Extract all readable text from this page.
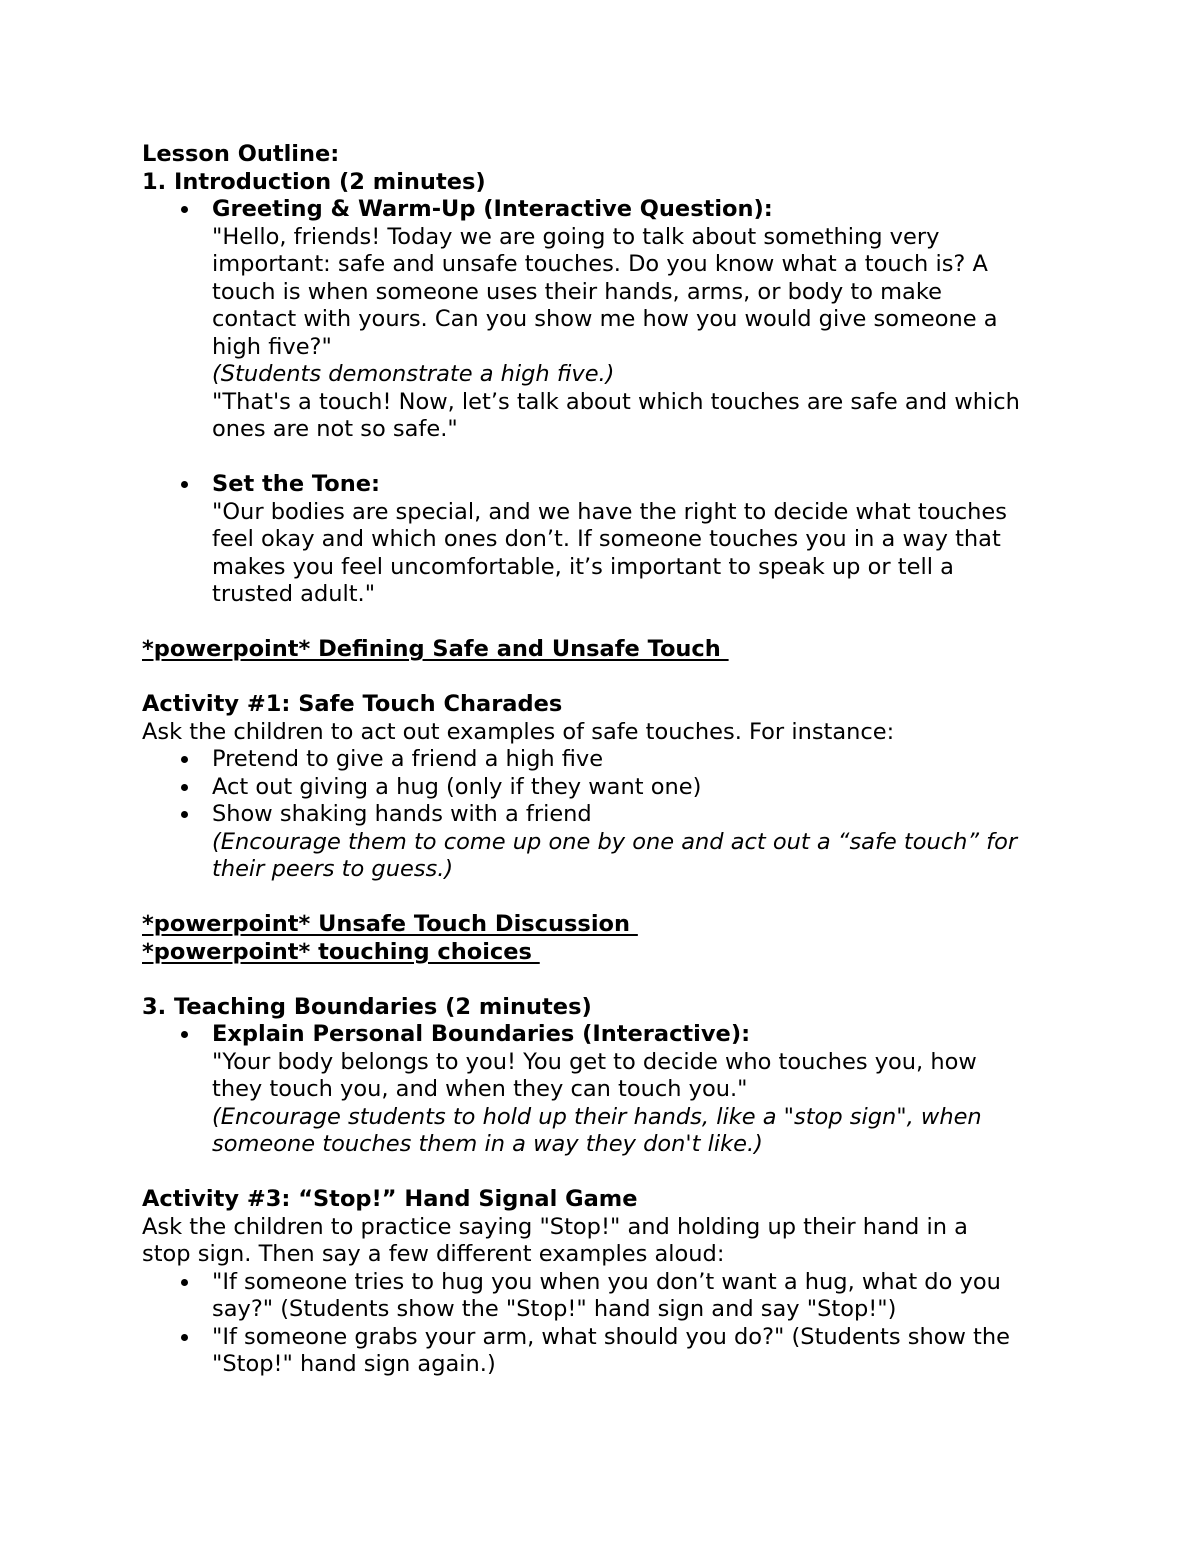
Lesson Outline:
1. Introduction (2 minutes)
Greeting & Warm-Up (Interactive Question):
"Hello, friends! Today we are going to talk about something very
important: safe and unsafe touches. Do you know what a touch is? A
touch is when someone uses their hands, arms, or body to make
contact with yours. Can you show me how you would give someone a
high five?"
(Students demonstrate a high five.)
"That's a touch! Now, let’s talk about which touches are safe and which
ones are not so safe."
Set the Tone:
"Our bodies are special, and we have the right to decide what touches
feel okay and which ones don’t. If someone touches you in a way that
makes you feel uncomfortable, it’s important to speak up or tell a
trusted adult."
*powerpoint* Defining Safe and Unsafe Touch
Activity #1: Safe Touch Charades
Ask the children to act out examples of safe touches. For instance:
Pretend to give a friend a high five
Act out giving a hug (only if they want one)
Show shaking hands with a friend
(Encourage them to come up one by one and act out a “safe touch” for
their peers to guess.)
*powerpoint* Unsafe Touch Discussion
*powerpoint* touching choices
3. Teaching Boundaries (2 minutes)
Explain Personal Boundaries (Interactive):
"Your body belongs to you! You get to decide who touches you, how
they touch you, and when they can touch you."
(Encourage students to hold up their hands, like a "stop sign", when
someone touches them in a way they don't like.)
Activity #3: “Stop!” Hand Signal Game
Ask the children to practice saying "Stop!" and holding up their hand in a
stop sign. Then say a few different examples aloud:
"If someone tries to hug you when you don’t want a hug, what do you
say?" (Students show the "Stop!" hand sign and say "Stop!")
"If someone grabs your arm, what should you do?" (Students show the
"Stop!" hand sign again.)
